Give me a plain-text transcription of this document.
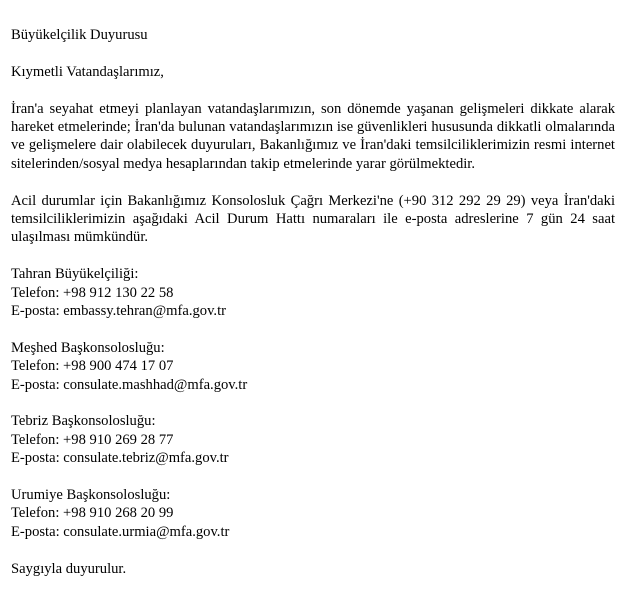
Büyükelçilik Duyurusu

Kıymetli Vatandaşlarımız,

İran'a seyahat etmeyi planlayan vatandaşlarımızın, son dönemde yaşanan gelişmeleri dikkate alarak hareket etmelerinde; İran'da bulunan vatandaşlarımızın ise güvenlikleri hususunda dikkatli olmalarında ve gelişmelere dair olabilecek duyuruları, Bakanlığımız ve İran'daki temsilciliklerimizin resmi internet sitelerinden/sosyal medya hesaplarından takip etmelerinde yarar görülmektedir.

Acil durumlar için Bakanlığımız Konsolosluk Çağrı Merkezi'ne (+90 312 292 29 29) veya İran'daki temsilciliklerimizin aşağıdaki Acil Durum Hattı numaraları ile e-posta adreslerine 7 gün 24 saat ulaşılması mümkündür.

Tahran Büyükelçiliği:
Telefon: +98 912 130 22 58
E-posta: embassy.tehran@mfa.gov.tr
Meşhed Başkonsolosluğu:
Telefon: +98 900 474 17 07
E-posta: consulate.mashhad@mfa.gov.tr
Tebriz Başkonsolosluğu:
Telefon: +98 910 269 28 77
E-posta: consulate.tebriz@mfa.gov.tr
Urumiye Başkonsolosluğu:
Telefon: +98 910 268 20 99
E-posta: consulate.urmia@mfa.gov.tr

Saygıyla duyurulur.
